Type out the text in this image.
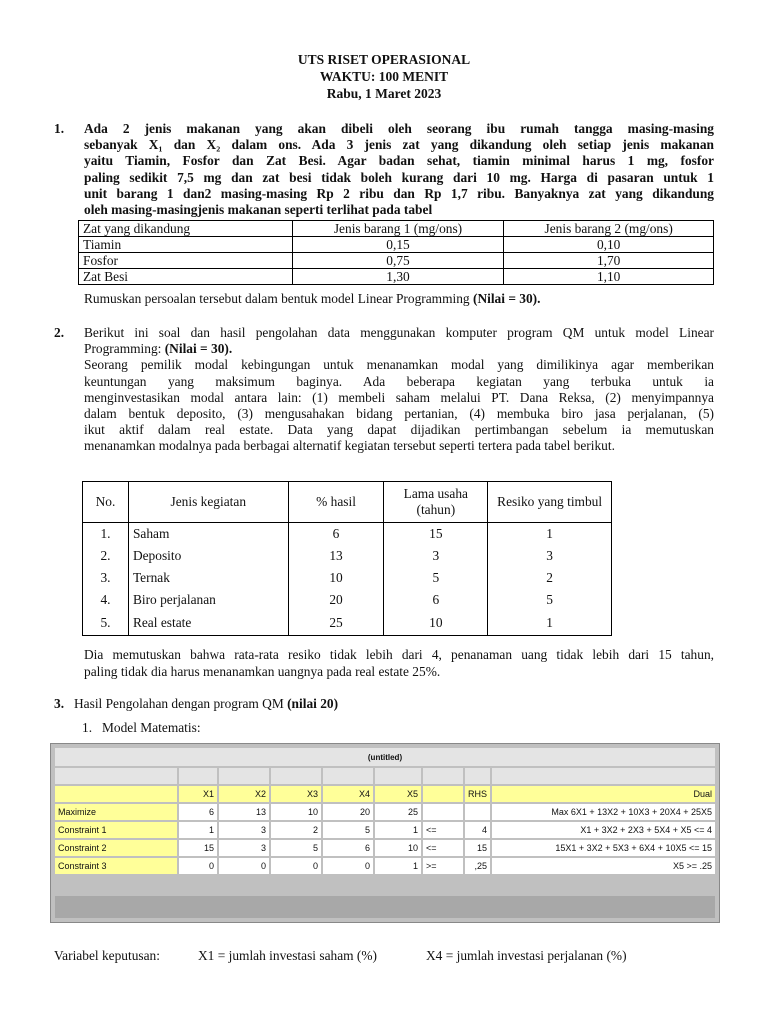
UTS RISET OPERASIONAL
WAKTU: 100 MENIT
Rabu, 1 Maret 2023
1. Ada 2 jenis makanan yang akan dibeli oleh seorang ibu rumah tangga masing-masing
sebanyak X₁ dan X₂ dalam ons. Ada 3 jenis zat yang dikandung oleh setiap jenis makanan
yaitu Tiamin, Fosfor dan Zat Besi. Agar badan sehat, tiamin minimal harus 1 mg, fosfor
paling sedikit 7,5 mg dan zat besi tidak boleh kurang dari 10 mg. Harga di pasaran untuk 1
unit barang 1 dan2 masing-masing Rp 2 ribu dan Rp 1,7 ribu. Banyaknya zat yang dikandung
oleh masing-masingjenis makanan seperti terlihat pada tabel
Zat yang dikandung	Jenis barang 1 (mg/ons)	Jenis barang 2 (mg/ons)
Tiamin	0,15	0,10
Fosfor	0,75	1,70
Zat Besi	1,30	1,10
Rumuskan persoalan tersebut dalam bentuk model Linear Programming (Nilai = 30).
2. Berikut ini soal dan hasil pengolahan data menggunakan komputer program QM untuk model Linear
Programming: (Nilai = 30).
Seorang pemilik modal kebingungan untuk menanamkan modal yang dimilikinya agar memberikan
keuntungan yang maksimum baginya. Ada beberapa kegiatan yang terbuka untuk ia
menginvestasikan modal antara lain: (1) membeli saham melalui PT. Dana Reksa, (2) menyimpannya
dalam bentuk deposito, (3) mengusahakan bidang pertanian, (4) membuka biro jasa perjalanan, (5)
ikut aktif dalam real estate. Data yang dapat dijadikan pertimbangan sebelum ia memutuskan
menanamkan modalnya pada berbagai alternatif kegiatan tersebut seperti tertera pada tabel berikut.
No.	Jenis kegiatan	% hasil	Lama usaha (tahun)	Resiko yang timbul
1.	Saham	6	15	1
2.	Deposito	13	3	3
3.	Ternak	10	5	2
4.	Biro perjalanan	20	6	5
5.	Real estate	25	10	1
Dia memutuskan bahwa rata-rata resiko tidak lebih dari 4, penanaman uang tidak lebih dari 15 tahun,
paling tidak dia harus menanamkan uangnya pada real estate 25%.
3. Hasil Pengolahan dengan program QM (nilai 20)
1. Model Matematis:
(untitled)								

	X1	X2	X3	X4	X5		RHS	Dual
Maximize	6	13	10	20	25			Max 6X1 + 13X2 + 10X3 + 20X4 + 25X5
Constraint 1	1	3	2	5	1	<=	4	X1 + 3X2 + 2X3 + 5X4 + X5 <= 4
Constraint 2	15	3	5	6	10	<=	15	15X1 + 3X2 + 5X3 + 6X4 + 10X5 <= 15
Constraint 3	0	0	0	0	1	>=	,25	X5 >= .25
Variabel keputusan:	X1 = jumlah investasi saham (%)	X4 = jumlah investasi perjalanan (%)
